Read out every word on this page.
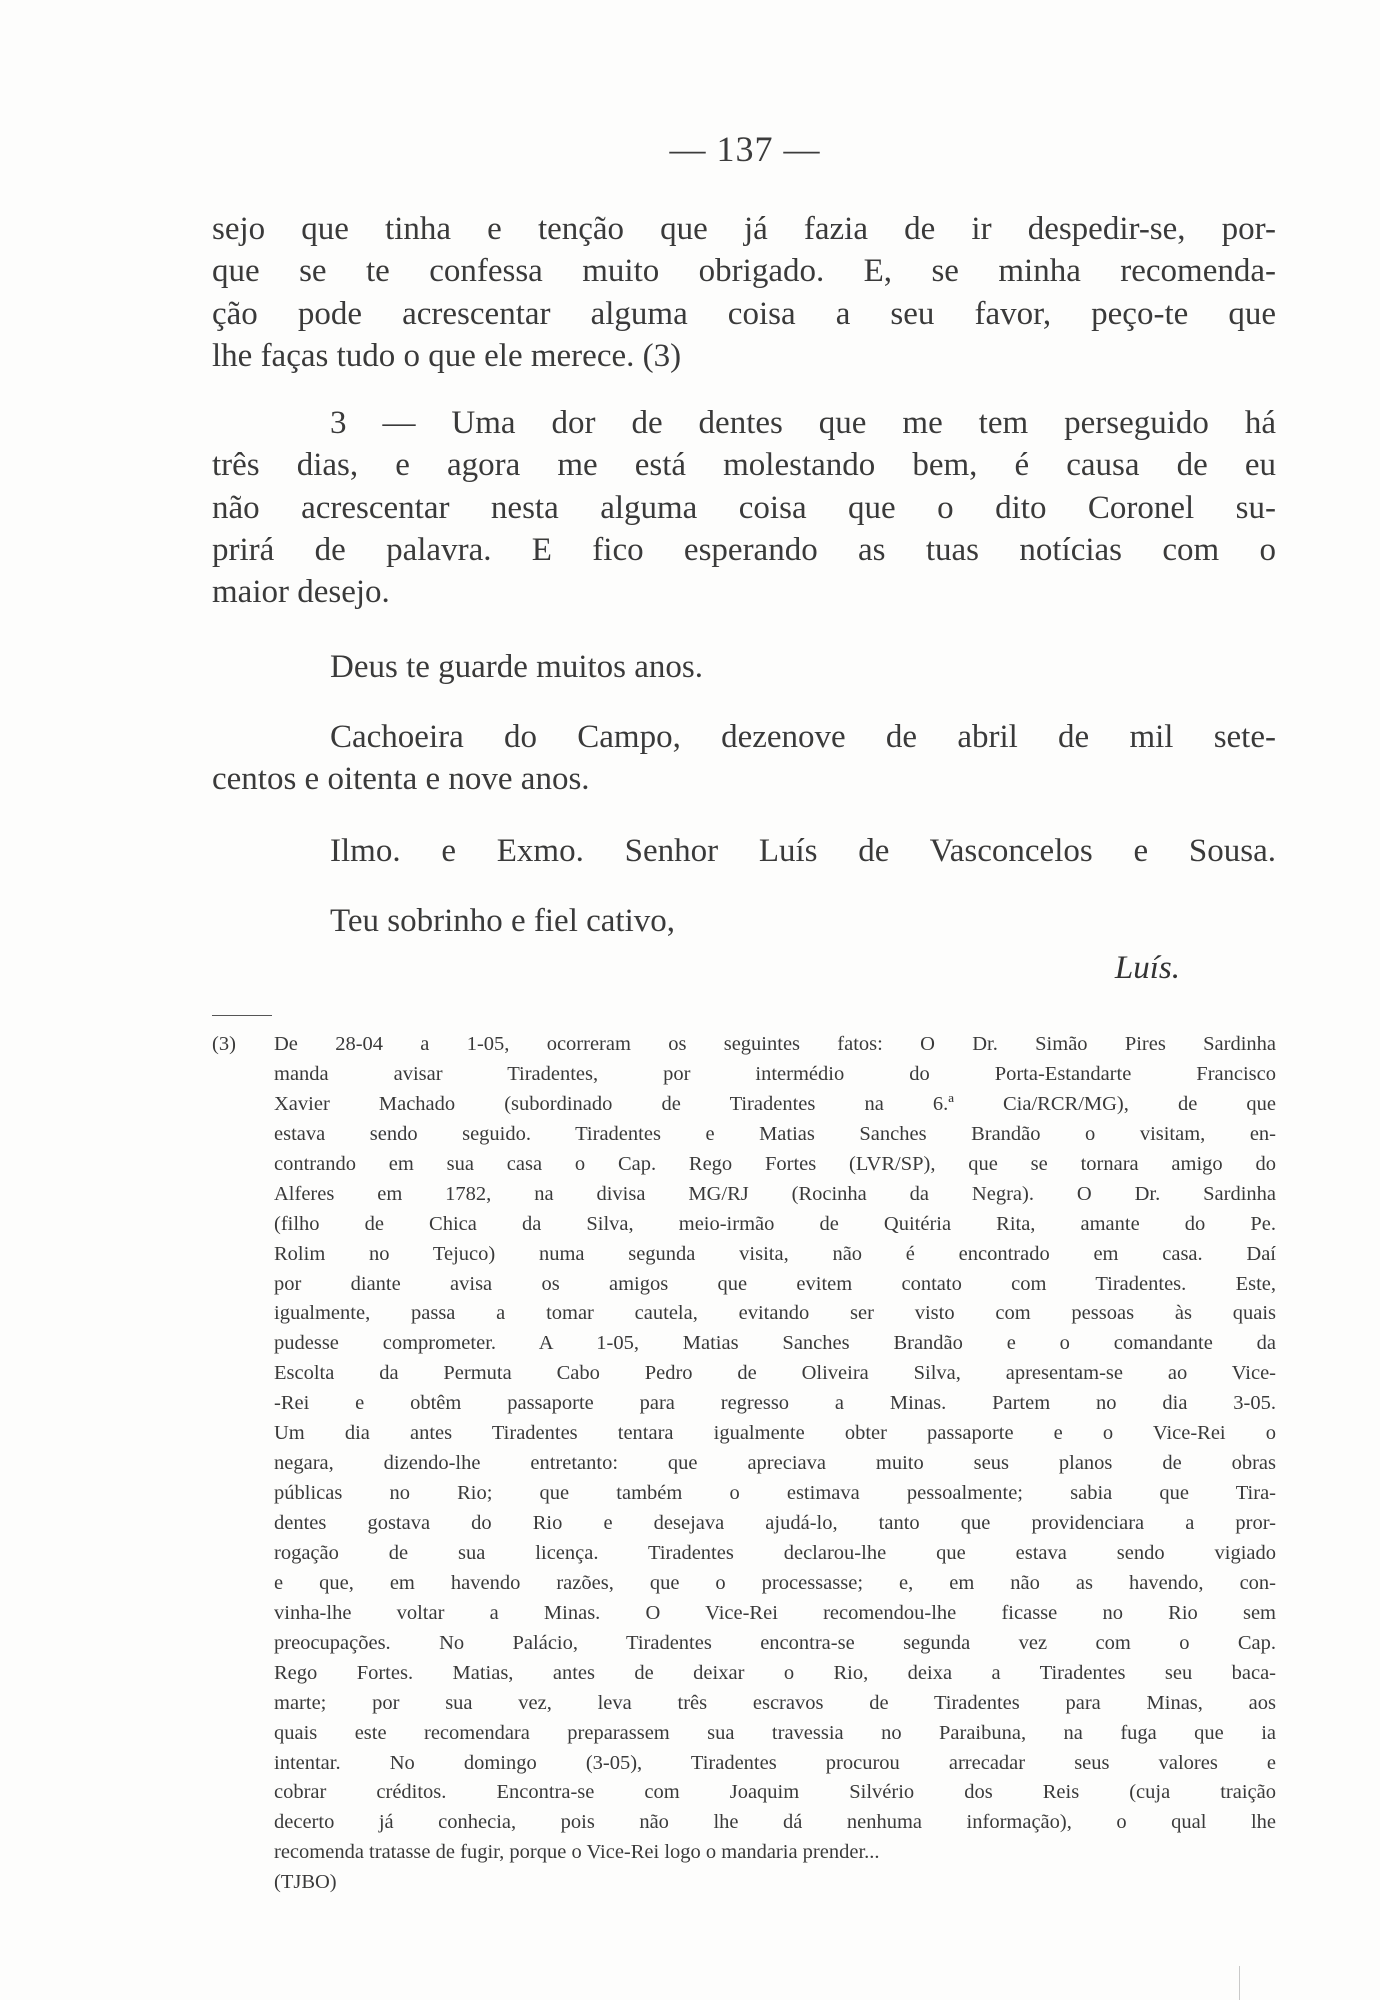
— 137 —
sejo que tinha e tenção que já fazia de ir despedir-se, por-
que se te confessa muito obrigado. E, se minha recomenda-
ção pode acrescentar alguma coisa a seu favor, peço-te que
lhe faças tudo o que ele merece. (3)
3 — Uma dor de dentes que me tem perseguido há
três dias, e agora me está molestando bem, é causa de eu
não acrescentar nesta alguma coisa que o dito Coronel su-
prirá de palavra. E fico esperando as tuas notícias com o
maior desejo.
Deus te guarde muitos anos.
Cachoeira do Campo, dezenove de abril de mil sete-
centos e oitenta e nove anos.
Ilmo. e Exmo. Senhor Luís de Vasconcelos e Sousa.
Teu sobrinho e fiel cativo,
Luís.
(3) De 28-04 a 1-05, ocorreram os seguintes fatos: O Dr. Simão Pires Sardinha
manda avisar Tiradentes, por intermédio do Porta-Estandarte Francisco
Xavier Machado (subordinado de Tiradentes na 6.ª Cia/RCR/MG), de que
estava sendo seguido. Tiradentes e Matias Sanches Brandão o visitam, en-
contrando em sua casa o Cap. Rego Fortes (LVR/SP), que se tornara amigo do
Alferes em 1782, na divisa MG/RJ (Rocinha da Negra). O Dr. Sardinha
(filho de Chica da Silva, meio-irmão de Quitéria Rita, amante do Pe.
Rolim no Tejuco) numa segunda visita, não é encontrado em casa. Daí
por diante avisa os amigos que evitem contato com Tiradentes. Este,
igualmente, passa a tomar cautela, evitando ser visto com pessoas às quais
pudesse comprometer. A 1-05, Matias Sanches Brandão e o comandante da
Escolta da Permuta Cabo Pedro de Oliveira Silva, apresentam-se ao Vice-
-Rei e obtêm passaporte para regresso a Minas. Partem no dia 3-05.
Um dia antes Tiradentes tentara igualmente obter passaporte e o Vice-Rei o
negara, dizendo-lhe entretanto: que apreciava muito seus planos de obras
públicas no Rio; que também o estimava pessoalmente; sabia que Tira-
dentes gostava do Rio e desejava ajudá-lo, tanto que providenciara a pror-
rogação de sua licença. Tiradentes declarou-lhe que estava sendo vigiado
e que, em havendo razões, que o processasse; e, em não as havendo, con-
vinha-lhe voltar a Minas. O Vice-Rei recomendou-lhe ficasse no Rio sem
preocupações. No Palácio, Tiradentes encontra-se segunda vez com o Cap.
Rego Fortes. Matias, antes de deixar o Rio, deixa a Tiradentes seu baca-
marte; por sua vez, leva três escravos de Tiradentes para Minas, aos
quais este recomendara preparassem sua travessia no Paraibuna, na fuga que ia
intentar. No domingo (3-05), Tiradentes procurou arrecadar seus valores e
cobrar créditos. Encontra-se com Joaquim Silvério dos Reis (cuja traição
decerto já conhecia, pois não lhe dá nenhuma informação), o qual lhe
recomenda tratasse de fugir, porque o Vice-Rei logo o mandaria prender...
(TJBO)
